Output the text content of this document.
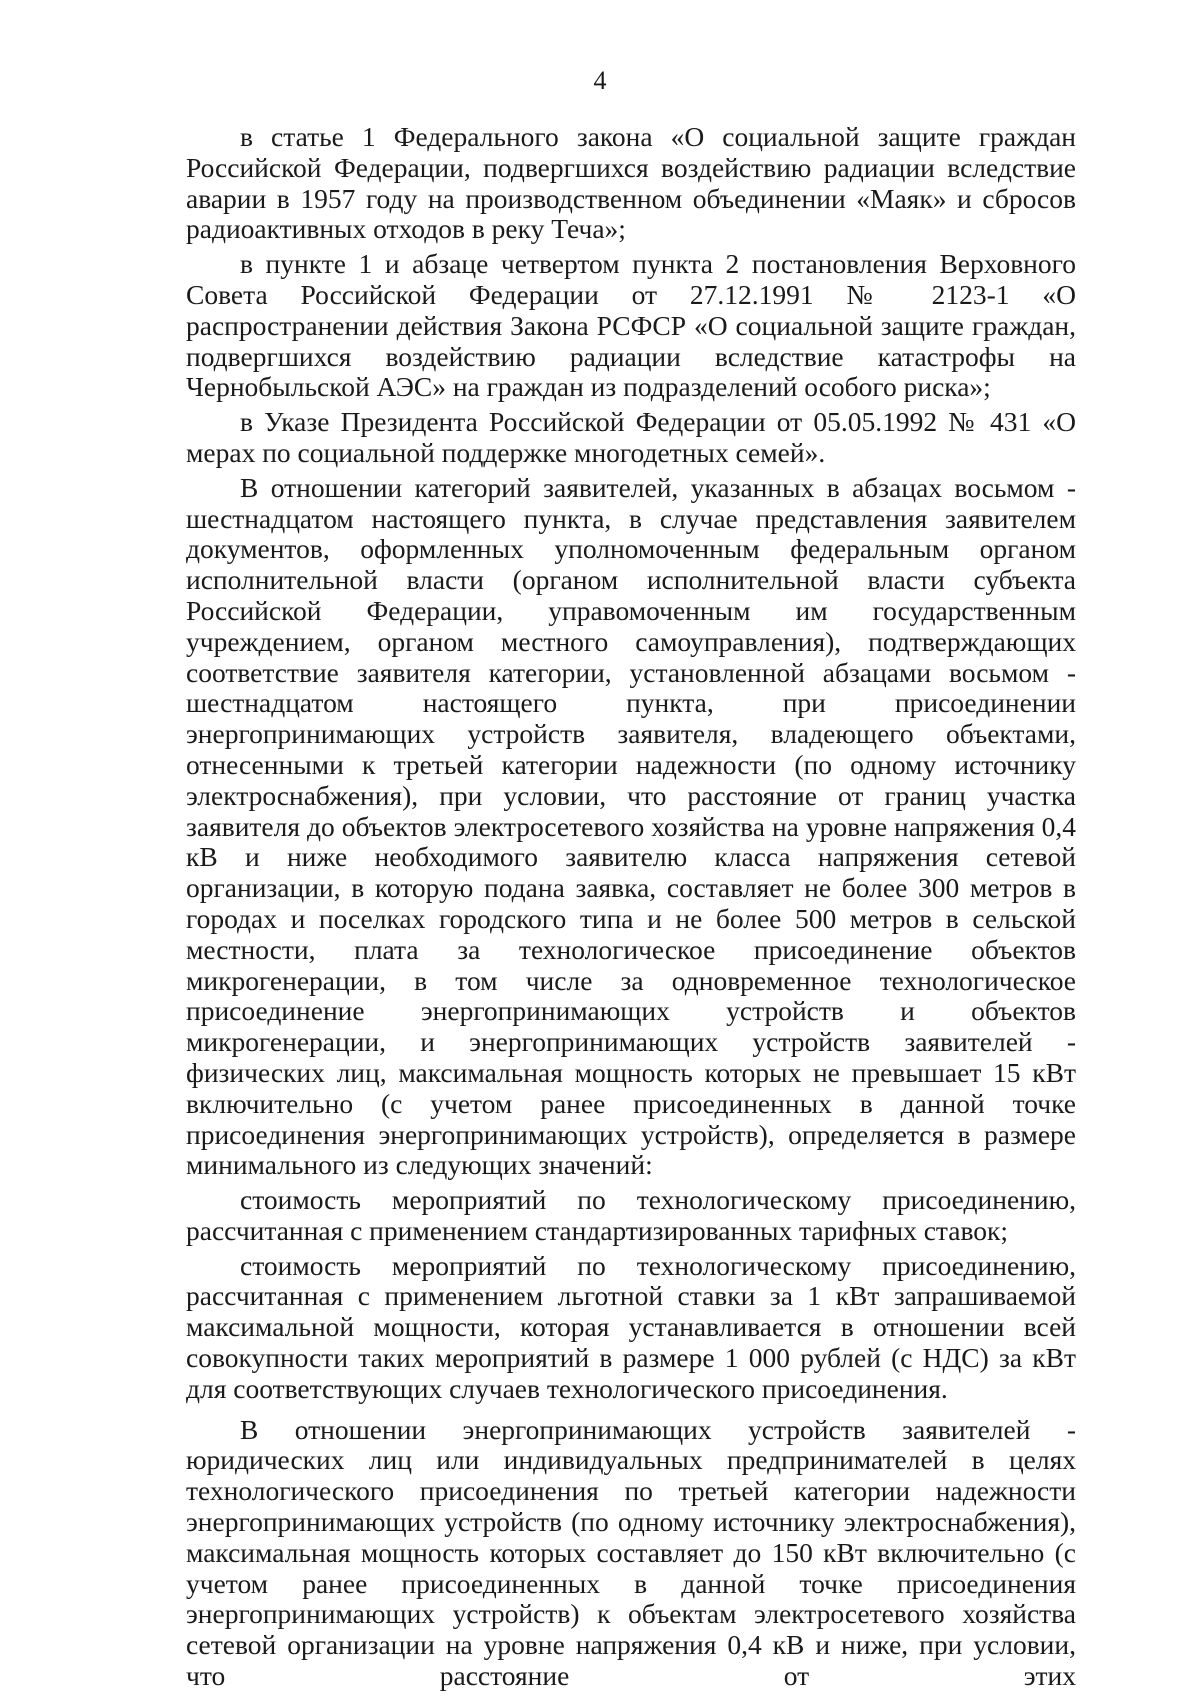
4

в статье 1 Федерального закона «О социальной защите граждан Российской Федерации, подвергшихся воздействию радиации вследствие аварии в 1957 году на производственном объединении «Маяк» и сбросов радиоактивных отходов в реку Теча»;

в пункте 1 и абзаце четвертом пункта 2 постановления Верховного Совета Российской Федерации от 27.12.1991 № 2123-1 «О распространении действия Закона РСФСР «О социальной защите граждан, подвергшихся воздействию радиации вследствие катастрофы на Чернобыльской АЭС» на граждан из подразделений особого риска»;

в Указе Президента Российской Федерации от 05.05.1992 № 431 «О мерах по социальной поддержке многодетных семей».

В отношении категорий заявителей, указанных в абзацах восьмом - шестнадцатом настоящего пункта, в случае представления заявителем документов, оформленных уполномоченным федеральным органом исполнительной власти (органом исполнительной власти субъекта Российской Федерации, управомоченным им государственным учреждением, органом местного самоуправления), подтверждающих соответствие заявителя категории, установленной абзацами восьмом - шестнадцатом настоящего пункта, при присоединении энергопринимающих устройств заявителя, владеющего объектами, отнесенными к третьей категории надежности (по одному источнику электроснабжения), при условии, что расстояние от границ участка заявителя до объектов электросетевого хозяйства на уровне напряжения 0,4 кВ и ниже необходимого заявителю класса напряжения сетевой организации, в которую подана заявка, составляет не более 300 метров в городах и поселках городского типа и не более 500 метров в сельской местности, плата за технологическое присоединение объектов микрогенерации, в том числе за одновременное технологическое присоединение энергопринимающих устройств и объектов микрогенерации, и энергопринимающих устройств заявителей - физических лиц, максимальная мощность которых не превышает 15 кВт включительно (с учетом ранее присоединенных в данной точке присоединения энергопринимающих устройств), определяется в размере минимального из следующих значений:

стоимость мероприятий по технологическому присоединению, рассчитанная с применением стандартизированных тарифных ставок;

стоимость мероприятий по технологическому присоединению, рассчитанная с применением льготной ставки за 1 кВт запрашиваемой максимальной мощности, которая устанавливается в отношении всей совокупности таких мероприятий в размере 1 000 рублей (с НДС) за кВт для соответствующих случаев технологического присоединения.

В отношении энергопринимающих устройств заявителей - юридических лиц или индивидуальных предпринимателей в целях технологического присоединения по третьей категории надежности энергопринимающих устройств (по одному источнику электроснабжения), максимальная мощность которых составляет до 150 кВт включительно (с учетом ранее присоединенных в данной точке присоединения энергопринимающих устройств) к объектам электросетевого хозяйства сетевой организации на уровне напряжения 0,4 кВ и ниже, при условии, что расстояние от этих
